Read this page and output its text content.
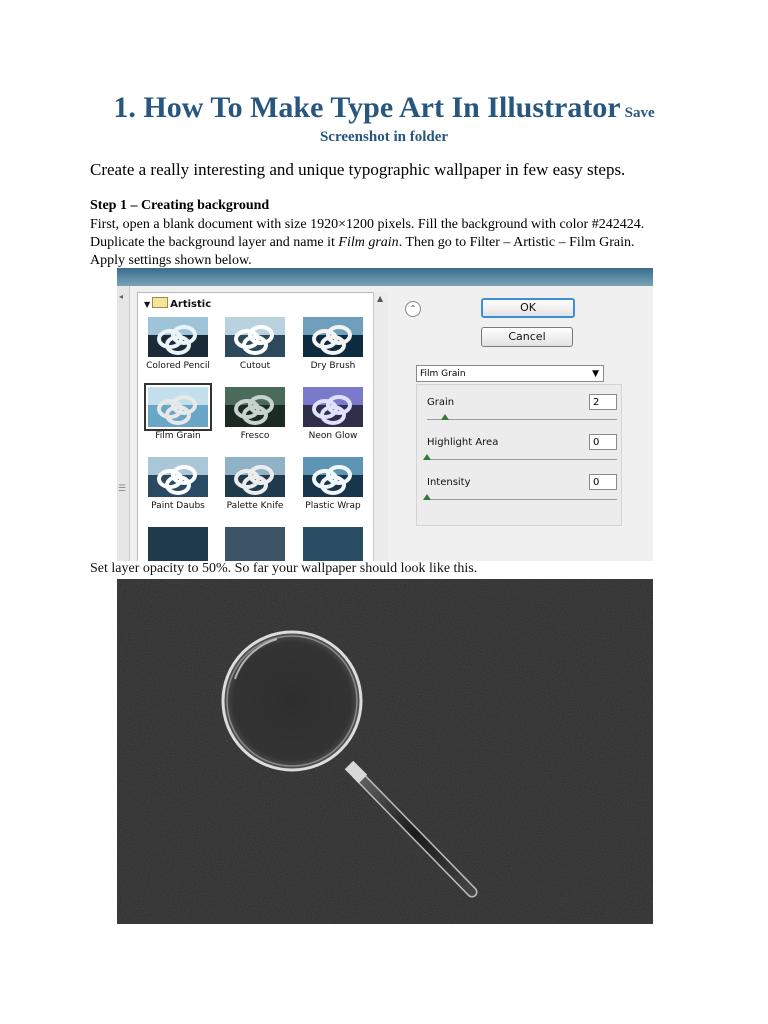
1. How To Make Type Art In Illustrator Save
Screenshot in folder
Create a really interesting and unique typographic wallpaper in few easy steps.
Step 1 – Creating background
First, open a blank document with size 1920×1200 pixels. Fill the background with color #242424. Duplicate the background layer and name it Film grain. Then go to Filter – Artistic – Film Grain. Apply settings shown below.
◂
☰
▼ Artistic
▲
⌃	OK
Cancel
Film Grain	▼
Grain	2
Highlight Area	0
Intensity	0
Colored Pencil	Cutout	Dry Brush
Film Grain	Fresco	Neon Glow
Paint Daubs	Palette Knife	Plastic Wrap
Set layer opacity to 50%. So far your wallpaper should look like this.
